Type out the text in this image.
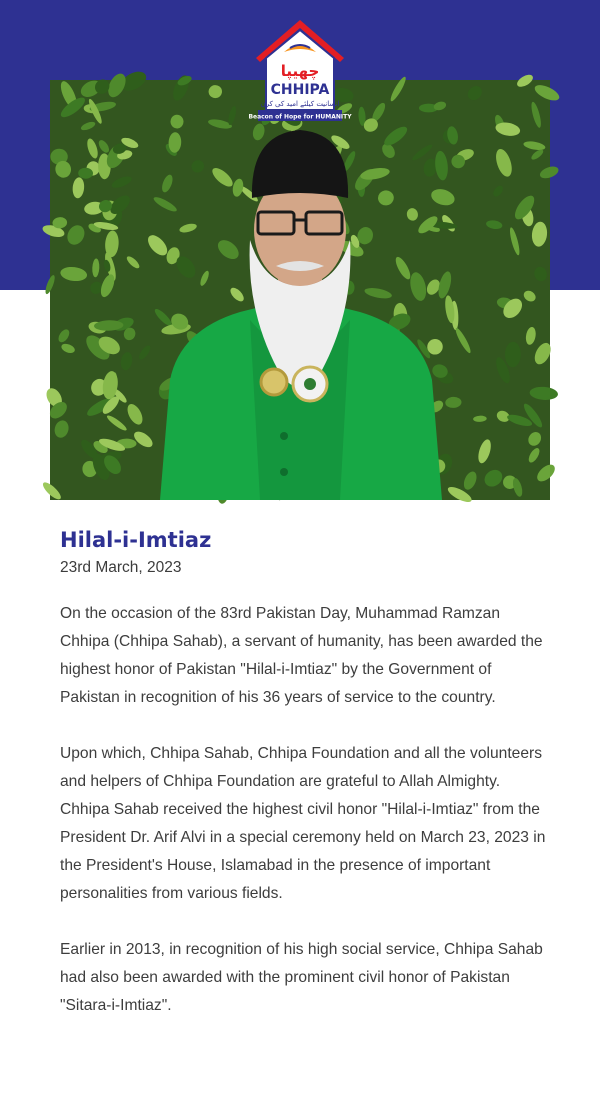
چھیپا
CHHIPA
انسانیت کیلئے امید کی کرن
Beacon of Hope for HUMANITY
Hilal-i-Imtiaz
23rd March, 2023

On the occasion of the 83rd Pakistan Day, Muhammad Ramzan Chhipa (Chhipa Sahab), a servant of humanity, has been awarded the highest honor of Pakistan "Hilal-i-Imtiaz" by the Government of Pakistan in recognition of his 36 years of service to the country.

Upon which, Chhipa Sahab, Chhipa Foundation and all the volunteers and helpers of Chhipa Foundation are grateful to Allah Almighty. Chhipa Sahab received the highest civil honor "Hilal-i-Imtiaz" from the President Dr. Arif Alvi in a special ceremony held on March 23, 2023 in the President's House, Islamabad in the presence of important personalities from various fields.

Earlier in 2013, in recognition of his high social service, Chhipa Sahab had also been awarded with the prominent civil honor of Pakistan "Sitara-i-Imtiaz".
